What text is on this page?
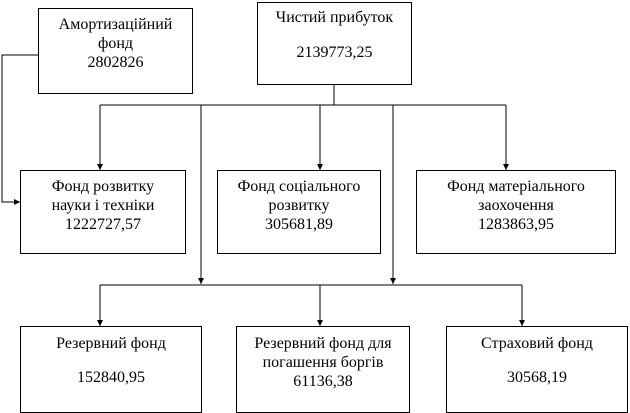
Амортизаційний
фонд
2802826
Чистий прибуток
2139773,25
Фонд розвитку
науки і техніки
1222727,57
Фонд соціального
розвитку
305681,89
Фонд матеріального
заохочення
1283863,95
Резервний фонд
152840,95
Резервний фонд для
погашення боргів
61136,38
Страховий фонд
30568,19
